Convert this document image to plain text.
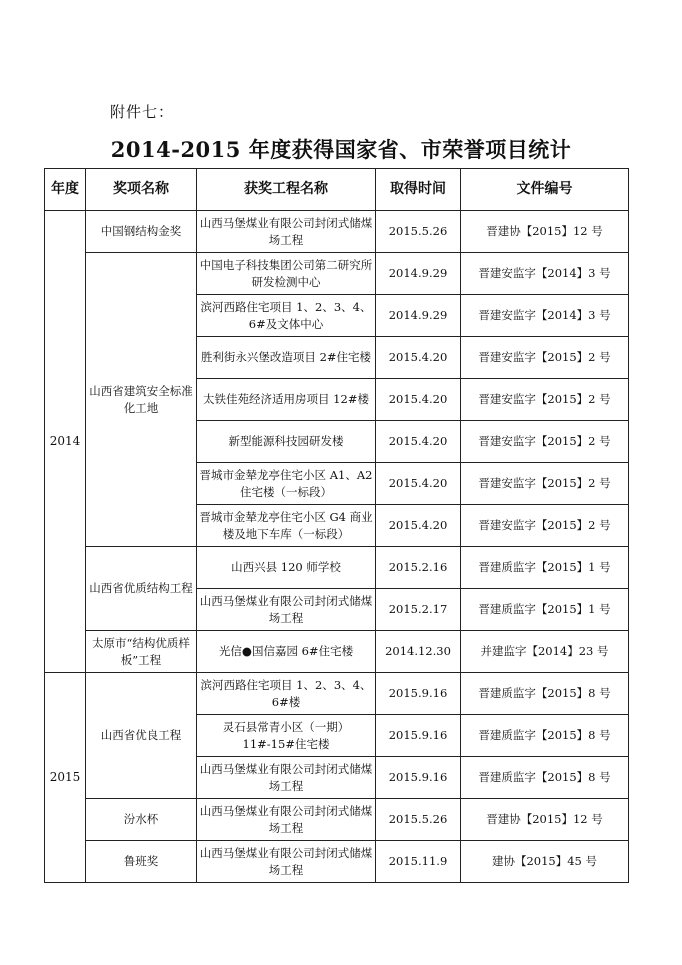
附件七：
2014-2015 年度获得国家省、市荣誉项目统计
年度	奖项名称	获奖工程名称	取得时间	文件编号
2014	中国钢结构金奖	山西马堡煤业有限公司封闭式储煤场工程	2015.5.26	晋建协【2015】12 号
	山西省建筑安全标准化工地	中国电子科技集团公司第二研究所研发检测中心	2014.9.29	晋建安监字【2014】3 号
		滨河西路住宅项目 1、2、3、4、6#及文体中心	2014.9.29	晋建安监字【2014】3 号
		胜利街永兴堡改造项目 2#住宅楼	2015.4.20	晋建安监字【2015】2 号
		太铁佳苑经济适用房项目 12#楼	2015.4.20	晋建安监字【2015】2 号
		新型能源科技园研发楼	2015.4.20	晋建安监字【2015】2 号
		晋城市金辇龙亭住宅小区 A1、A2 住宅楼（一标段）	2015.4.20	晋建安监字【2015】2 号
		晋城市金辇龙亭住宅小区 G4 商业楼及地下车库（一标段）	2015.4.20	晋建安监字【2015】2 号
	山西省优质结构工程	山西兴县 120 师学校	2015.2.16	晋建质监字【2015】1 号
		山西马堡煤业有限公司封闭式储煤场工程	2015.2.17	晋建质监字【2015】1 号
	太原市“结构优质样板”工程	光信●国信嘉园 6#住宅楼	2014.12.30	并建监字【2014】23 号
2015	山西省优良工程	滨河西路住宅项目 1、2、3、4、6#楼	2015.9.16	晋建质监字【2015】8 号
		灵石县常青小区（一期）11#-15#住宅楼	2015.9.16	晋建质监字【2015】8 号
		山西马堡煤业有限公司封闭式储煤场工程	2015.9.16	晋建质监字【2015】8 号
	汾水杯	山西马堡煤业有限公司封闭式储煤场工程	2015.5.26	晋建协【2015】12 号
	鲁班奖	山西马堡煤业有限公司封闭式储煤场工程	2015.11.9	建协【2015】45 号
